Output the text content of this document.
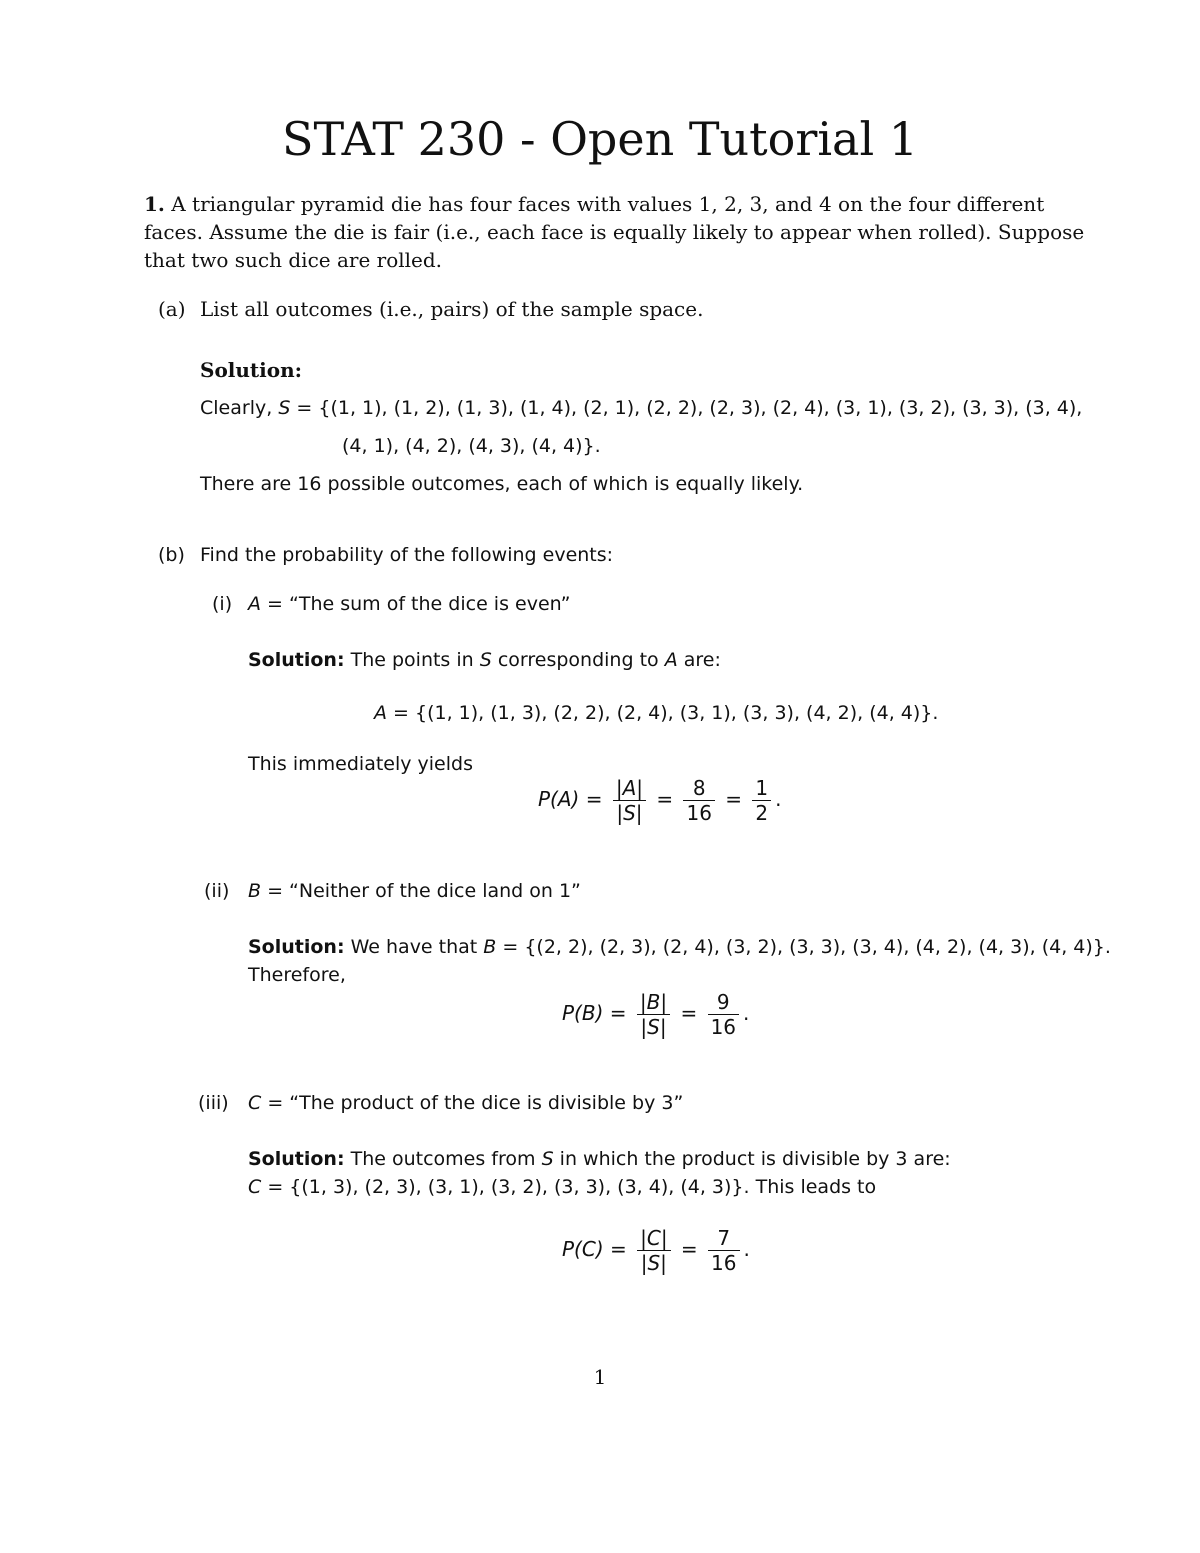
STAT 230 - Open Tutorial 1
1. A triangular pyramid die has four faces with values 1, 2, 3, and 4 on the four different
faces. Assume the die is fair (i.e., each face is equally likely to appear when rolled). Suppose
that two such dice are rolled.
(a) List all outcomes (i.e., pairs) of the sample space.
Solution:
Clearly, S = {(1, 1), (1, 2), (1, 3), (1, 4), (2, 1), (2, 2), (2, 3), (2, 4), (3, 1), (3, 2), (3, 3), (3, 4),
(4, 1), (4, 2), (4, 3), (4, 4)}.
There are 16 possible outcomes, each of which is equally likely.
(b) Find the probability of the following events:
(i) A = “The sum of the dice is even”
Solution: The points in S corresponding to A are:
A = {(1, 1), (1, 3), (2, 2), (2, 4), (3, 1), (3, 3), (4, 2), (4, 4)}.
This immediately yields
$P(A) = \frac{|A|}{|S|} = \frac{8}{16} = \frac{1}{2}$ .
(ii) B = “Neither of the dice land on 1”
Solution: We have that B = {(2, 2), (2, 3), (2, 4), (3, 2), (3, 3), (3, 4), (4, 2), (4, 3), (4, 4)}.
Therefore,
$P(B) = \frac{|B|}{|S|} = \frac{9}{16}$ .
(iii) C = “The product of the dice is divisible by 3”
Solution: The outcomes from S in which the product is divisible by 3 are:
C = {(1, 3), (2, 3), (3, 1), (3, 2), (3, 3), (3, 4), (4, 3)}. This leads to
$P(C) = \frac{|C|}{|S|} = \frac{7}{16}$ .
1
